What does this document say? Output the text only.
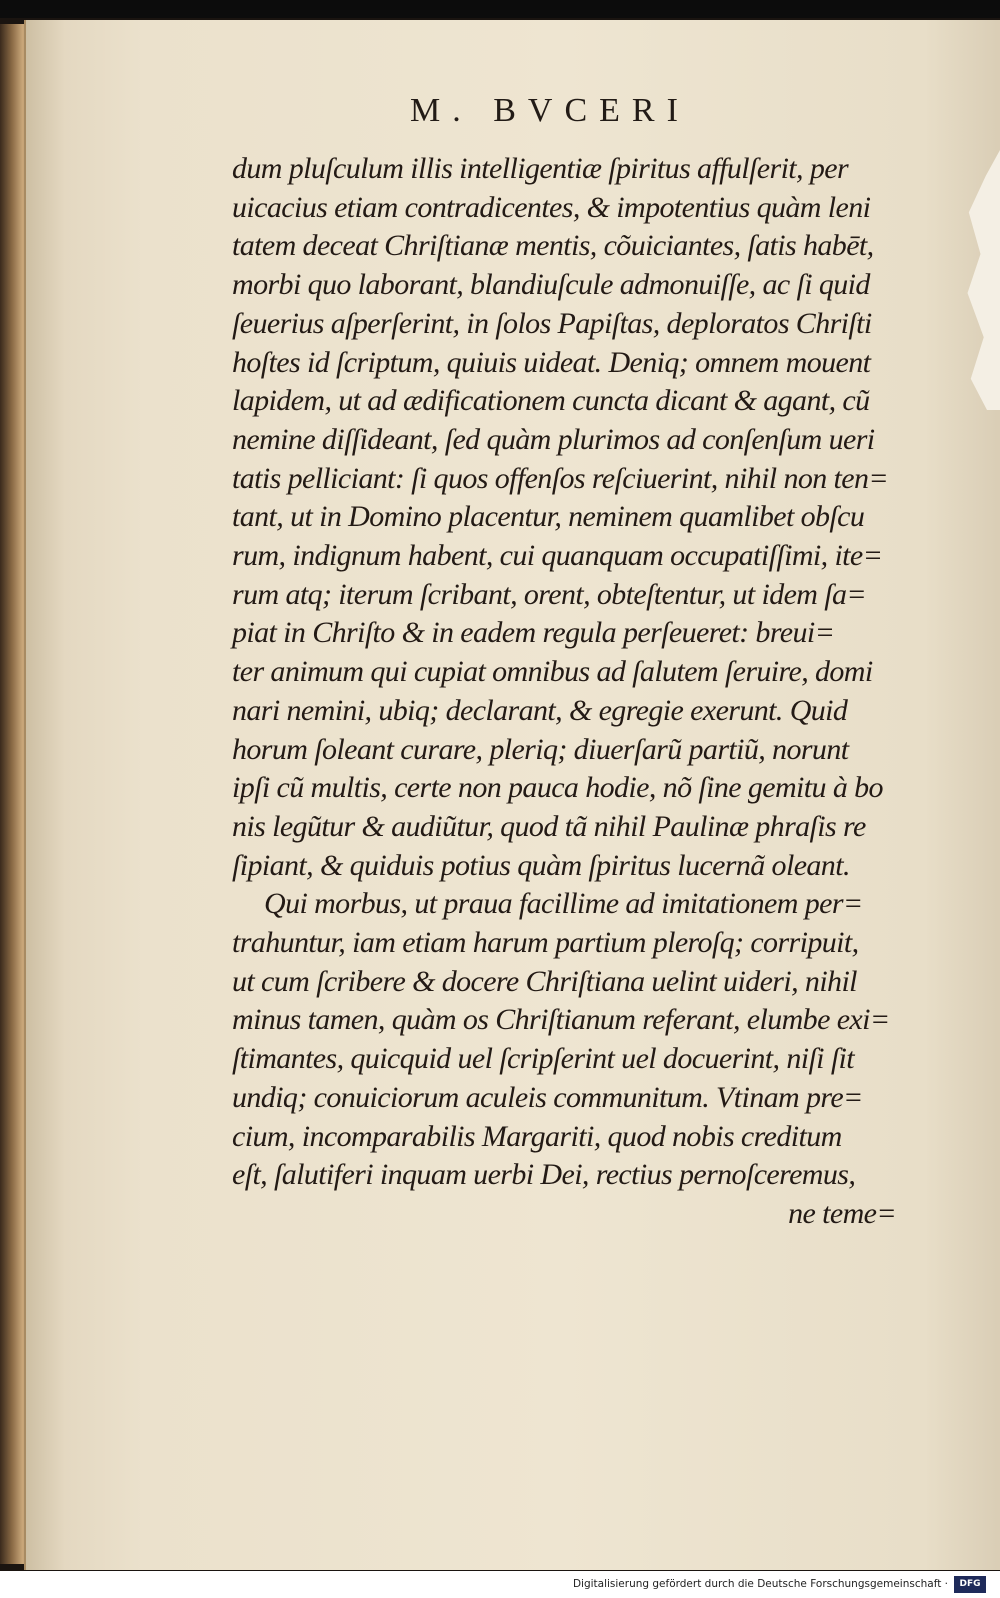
M. BVCERI
dum pluſculum illis intelligentiæ ſpiritus affulſerit, per
uicacius etiam contradicentes, & impotentius quàm leni
tatem deceat Chriſtianæ mentis, cõuiciantes, ſatis habēt,
morbi quo laborant, blandiuſcule admonuiſſe, ac ſi quid
ſeuerius aſperſerint, in ſolos Papiſtas, deploratos Chriſti
hoſtes id ſcriptum, quiuis uideat. Deniq; omnem mouent
lapidem, ut ad ædificationem cuncta dicant & agant, cũ
nemine diſſideant, ſed quàm plurimos ad conſenſum ueri
tatis pelliciant: ſi quos offenſos reſciuerint, nihil non ten=
tant, ut in Domino placentur, neminem quamlibet obſcu
rum, indignum habent, cui quanquam occupatiſſimi, ite=
rum atq; iterum ſcribant, orent, obteſtentur, ut idem ſa=
piat in Chriſto & in eadem regula perſeueret: breui=
ter animum qui cupiat omnibus ad ſalutem ſeruire, domi
nari nemini, ubiq; declarant, & egregie exerunt. Quid
horum ſoleant curare, pleriq; diuerſarũ partiũ, norunt
ipſi cũ multis, certe non pauca hodie, nõ ſine gemitu à bo
nis legũtur & audiũtur, quod tã nihil Paulinæ phraſis re
ſipiant, & quiduis potius quàm ſpiritus lucernã oleant.
Qui morbus, ut praua facillime ad imitationem per=
trahuntur, iam etiam harum partium pleroſq; corripuit,
ut cum ſcribere & docere Chriſtiana uelint uideri, nihil
minus tamen, quàm os Chriſtianum referant, elumbe exi=
ſtimantes, quicquid uel ſcripſerint uel docuerint, niſi ſit
undiq; conuiciorum aculeis communitum. Vtinam pre=
cium, incomparabilis Margariti, quod nobis creditum
eſt, ſalutiferi inquam uerbi Dei, rectius pernoſceremus,
ne teme=
Digitalisierung gefördert durch die Deutsche Forschungsgemeinschaft ·	DFG
